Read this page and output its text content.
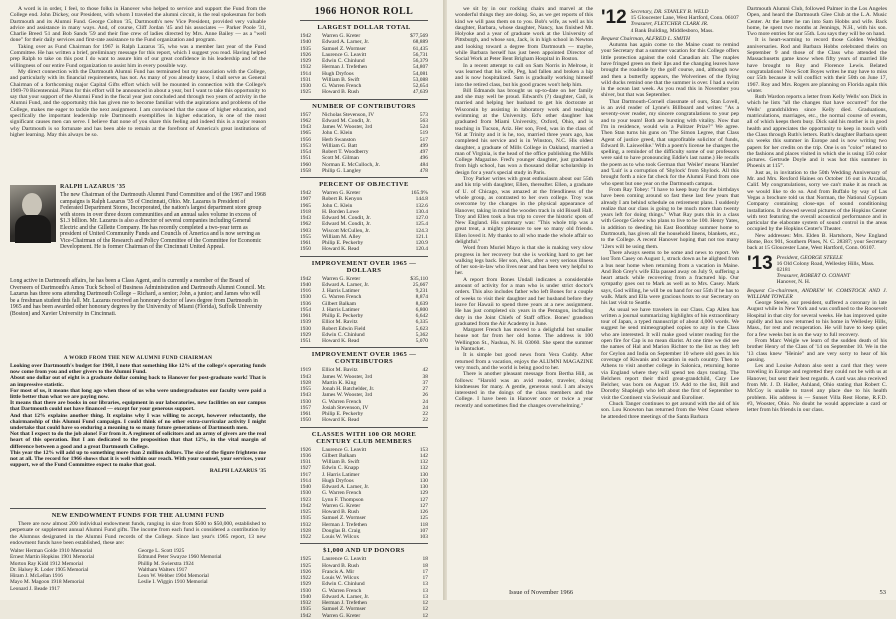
A word is in order, I feel, to those folks in Hanover who helped to service and support the Fund from the College end. John Dickey, our President, with whom I traveled the alumni circuit, is the real spokesman for both Dartmouth and its Alumni Fund. George Colton '35, Dartmouth's new Vice President, provided very valuable advice and assistance in many ways. And, of course, Cliff Jordan '45 and his associates — Parker Poole '31, Charlie Breed '51 and Bob Sands '59 and their fine crew of ladies directed by Mrs. Anne Bailey — as a "well done" for their daily services and first-rate assistance to the Fund organization and program.

Taking over as Fund Chairman for 1967 is Ralph Lazarus '35, who was a member last year of the Fund Committee. He has written a brief, preliminary message for this report, which I suggest you read. Having helped prep Ralph to take on this post I do want to assure him of our great confidence in his leadership and of the willingness of our entire Fund organization to assist him in every possible way.

My direct connection with the Dartmouth Alumni Fund has terminated but my association with the College, and particularly with its financial requirements, has not. As many of you already know, I shall serve as General Chairman of a forthcoming major Capital Gifts effort which will be mounted in connection with the College's 1969-70 Bicentennial. Plans for this effort will be announced in about a year, but I want to take this opportunity to say that your support of the Alumni Fund in the fiscal year just concluded and through two years of activity in the Alumni Fund, and the opportunity this has given me to become familiar with the aspirations and problems of the College, makes me eager to tackle the next assignment. I am convinced that the cause of higher education, and specifically the important leadership role Dartmouth exemplifies in higher education, is one of the most significant causes men can serve. I believe that none of you share this feeling and indeed this is a major reason why Dartmouth is so fortunate and has been able to remain at the forefront of America's great institutions of higher learning. May this always be so.

RALPH LAZARUS '35

The new Chairman of the Dartmouth Alumni Fund Committee and of the 1967 and 1968 campaigns is Ralph Lazarus '35 of Cincinnati, Ohio. Mr. Lazarus is President of Federated Department Stores, Incorporated, the nation's largest department store group with stores in over three dozen communities and an annual sales volume in excess of $1.3 billion. Mr. Lazarus is also a director of several companies including General Electric and the Gillette Company. He has recently completed a two-year term as president of United Community Funds and Councils of America and is now serving as Vice-Chairman of the Research and Policy Committee of the Committee for Economic Development. He is former Chairman of the Cincinnati United Appeal.

Long active in Dartmouth affairs, he has been a Class Agent, and is currently a member of the Board of Overseers of Dartmouth's Amos Tuck School of Business Administration and Dartmouth Alumni Council. Mr. Lazarus has three sons attending Dartmouth College – Richard, a senior; John, a junior; and James who will be a freshman student this fall. Mr. Lazarus received an honorary doctor of laws degree from Dartmouth in 1965 and has been awarded other honorary degrees by the University of Miami (Florida), Suffolk University (Boston) and Xavier University in Cincinnati.

A WORD FROM THE NEW ALUMNI FUND CHAIRMAN

Looking over Dartmouth's budget for 1968, I note that something like 12% of the college's operating funds now come from you and other givers to the Alumni Fund.

About one dollar out of eight is a graduate dollar coming back to Hanover for post-graduate work! That is an impressive statistic.

For most of us, it means that long ago when those of us who were undergraduates our faculty were paid a little better than what we are paying now.

It means that there are books in our libraries, equipment in our laboratories, new facilities on our campus that Dartmouth could not have financed — except for your generous support.

And that 12% explains another thing. It explains why I was willing to accept, however reluctantly, the chairmanship of this Alumni Fund campaign. I could think of no other extra-curricular activity I might undertake that could have so enduring a meaning to so many future generations of Dartmouth men.

Not that I expect to do the job alone! Far from it. A regiment of solicitors and an army of givers are the real heart of this operation. But I am dedicated to the proposition that that 12%, in the vital margin of difference between a good and a great Dartmouth College.

This year the 12% will add up to something more than 2 million dollars. The size of the figure frightens me not at all. The record for 1966 shows that it is well within our reach. With your counsel, your services, your support, we of the Fund Committee expect to make that goal.

RALPH LAZARUS '35

NEW ENDOWMENT FUNDS FOR THE ALUMNI FUND

There are now almost 200 individual endowment funds, ranging in size from $500 to $50,000, established to perpetuate or supplement annual Alumni Fund gifts. The income from each fund is considered a contribution by the Alumnus designated in the Alumni Fund records of the College. Since last year's 1965 report, 13 new endowment funds have been established, these are:

Walter Herman Golde 1910 Memorial	George L. Scott 1925
Ernest Martin Hopkins 1901 Memorial	Edmund Peter Swayze 1960 Memorial
Morton Ray Kidd 1912 Memorial	Phillip M. Swierstra 1924
Dr. Halsey R. Loder 1905 Memorial	Waltham Walters 1917
Hiram J. McLellan 1916	Leon W. Webber 1904 Memorial
Mayo M. Magoon 1918 Memorial	Leslie I. Wiggin 1910 Memorial
Leonard J. Beade 1917

1966 HONOR ROLL

LARGEST DOLLAR TOTAL

1942	Warren G. Kreter	$77,569
1940	Edward A. Larner, Jr.	68,889
1935	Samuel Z. Wormser	61,435
1926	Laurence G. Leavitt	56,731
1929	Edwin C. Chinlund	56,379
1932	Herman J. Trefethen	54,807
1914	Hugh Dryfoos	54,081
1931	William B. Swift	53,088
1930	G. Warren French	52,654
1925	Howard B. Rush	47,639

NUMBER OF CONTRIBUTORS

1957	Nicholas Stevenson, IV	573
1962	Edward M. Condit, Jr.	563
1943	James W. Wooster, 3rd	524
1965	John C. Klein	519
1956	Herb Swanston	517
1953	William G. Batt	499
1954	Robert T. Woodberry	497
1951	Scott M. Gilman	496
1960	Norman E. McCulloch, Jr.	484
1958	Philip G. Langley	478

PERCENT OF OBJECTIVE

1942	Warren G. Kreter	165.9%
1907	Robert B. Kenyon	144.8
1965	John C. Klein	132.6
1918	H. Borden Lowe	130.4
1943	Edward M. Condit, Jr.	127.0
1962	Edward M. Condit, Jr.	125.4
1903	Wiscott McCullen, Jr.	124.3
1955	William M. Alley	121.1
1961	Philip E. Peckerby	120.9
1950	Howard K. Read	120.4

IMPROVEMENT OVER 1965 — DOLLARS

1942	Warren G. Kreter	$35,110
1940	Edward A. Larner, Jr.	25,667
1916	J. Harris Latimer	9,231
1930	G. Warren French	8,874
1936	Gilbert Balkam	8,639
1954	J. Harris Latimer	6,800
1961	Philip E. Peckerby	6,642
1939	Elliot M. Ravitz	6,335
1930	Robert Edwin Field	5,623
1929	Edwin C. Chinlund	5,362
1951	Howard K. Read	5,070

IMPROVEMENT OVER 1965 — CONTRIBUTORS

1919	Elliot M. Bavitz	42
1943	James W. Wooster, 3rd	38
1928	Martin K. King	37
1955	Jonah H. Batchelder, Jr.	27
1943	James W. Wooster, 3rd	26
1930	G. Warren French	24
1957	Josiah Stevenson, IV	24
1961	Philip E. Peckerby	22
1950	Howard K. Read	22

CLASSES WITH 100 OR MORE CENTURY CLUB MEMBERS

1926	Laurence G. Leavitt	153
1936	Gilbert Balkam	142
1931	William B. Swift	132
1927	Edwin C. Knapp	132
1917	J. Harris Latimer	130
1914	Hugh Dryfoos	130
1940	Edward A. Larner, Jr.	130
1930	G. Warren French	129
1923	Lynn F. Thompson	127
1942	Warren G. Kreter	127
1925	Howard B. Rush	126
1935	Samuel Z. Wormser	125
1932	Herman J. Trefethen	118
1928	Douglas B. Craig	107
1922	Louis W. Wilcox	103

$1,000 AND UP DONORS

1925	Laurence G. Leavitt	18
1925	Howard B. Rush	18
1926	Francis A. Mir	17
1922	Louis W. Wilcox	17
1929	Edwin C. Chinlund	13
1930	G. Warren French	13
1940	Edward A. Larner, Jr.	13
1932	Herman J. Trefethen	12
1935	Samuel Z. Wormser	12
1942	Warren G. Kreter	12

we sit by in our rocking chairs and marvel at the wonderful things they are doing. So, as we get reports of this kind we will pass them on to you. Bob's wife, as well as his daughter, Barbara, whose daughter, Nancy, has finished Mt. Holyoke and a year of graduate work at the University of Pittsburgh, and whose son, Jack, is in high school in Newton and looking toward a degree from Dartmouth — maybe, while Barbara herself has just been appointed Director of Social Work at Peter Bent Brigham Hospital in Boston.

In a recent attempt to call on Sam Norris in Melrose, it was learned that his wife, Peg, had fallen and broken a hip and is now hospitalized. Sam is gradually working himself into the retired class, but his good graces won't help him.

Bill Edmands has brought us up-to-date on her family and she may well be proud. Edward's (?) daughter, Gail, is married and helping her husband to get his doctorate at Wisconsin by assisting in laboratory work and teaching swimming at the University. Ed's other daughter has graduated from Miami University, Oxford, Ohio, and is teaching in Tucson, Ariz. Her son, Fred, was in the class of '64 at Trinity and it is he, too, married three years ago, has completed his service and is in Winston, N.C. His oldest daughter, a graduate of Mills College in Oakland, married a man of Virginia, is the head of the office publishing the Mills College Magazine. Fred's younger daughter, just graduated from high school, has won a thousand dollar scholarship in design for a year's special study in Paris.

Troy Parker writes with great enthusiasm about our 55th and his trip with daughter, Ellen, thereafter. Ellen, a graduate of U. of Chicago, was amazed at the friendliness of the whole group, as contrasted to her own college. Troy was overcome by the changes in the physical appearance of Hanover, taking in mind the wooden track in old Bissell Hall. Troy and Ellen took a bus trip to cover the historic spots of New England. His summary was: "This whole trip was a great treat, a mighty pleasure to see so many old friends. Ellen loved it. My thanks to all who made the whole affair so delightful."

Word from Muriel Mayo is that she is making very slow progress in her recovery but she is working hard to get her walking legs back. Her son, Alex, after a very serious illness of her son-in-law who lives near and has been very helpful to her.

A report from Bones Undall indicates a considerable amount of activity for a man who is under strict doctor's orders. This also includes father who left Bones for a couple of weeks to visit their daughter and her husband before they leave for Hawaii to spend three years at a new assignment. He has just completed six years in the Pentagon, including duty in the Joint Chiefs of Staff office. Bones' grandson graduated from the Air Academy in June.

Margaret French has moved to a delightful but smaller house not far from her old home. The address is 100 Wellington St., Nashua, N. H. 03060. She spent the summer in Nantucket.

It is simple but good news from Vera Cuddy. After returned from a vacation, enjoys the ALUMNI MAGAZINE very much, and the world is being good to her.

There is another pleasant message from Bertha Hill, as follows: "Harold was an avid reader, traveler, doing kindnesses for many. A gentle, generous soul. I am always interested in the doings of the class members and the College. I have been in Hanover once or twice a year recently and sometimes find the changes overwhelming."

Issue of November 1966
'12 Secretary, DR. STANLEY B. WELD
15 Gloucester Lane, West Hartford, Conn. 06107
Treasurer, FLETCHER CLARK JR.
4 Bank Building, Middlesboro, Mass.

Bequest Chairman, ALFRED L. SMITH

Autumn has again come to the Maine coast to remind your Secretary that a summer vacation for this College offers little protection against the cold Canadian air. The maples have fringed green on their lips and the changing leaves have brought the roadside by the golf course, and, although now and then a butterfly appears, the Wolverines of the flying wild ducks remind one that the summer is over. I had a swim in the ocean last week. As you read this in November you shiver, but that was September.

That Dartmouth-Cornell classmate of ours, Stan Lovell, is an avid reader of Lynne's Billboard and writes: "As a seventy-over reader, my sincere congratulations to your pep and to your team! Both are bursting with vitality. Now that I'm in residence, would win a Pulitzer Prize?" We agree. Then Stan turns his guns on 'The Simon Legree, that Class Agent of justice greed, that unprofitable solicitor of funds, Edward B. Laiswelike.' With a poem's license he changes the spelling, a reminder of the difficulty some of our professors were said to have pronouncing Eddie's last name.) He recalls the poem as to who took German that 'Weiler' means 'Hamlet' and 'Luit' is a corruption of 'Shylock' from Shylock. All this brought forth a nice fat check for the Alumni Fund from one who spent but one year on the Dartmouth campus.

From Ray Tobey: "I have to keep busy for the birthdays have been coming around so fast these last few years that already I am behind schedule on retirement plans. I suddenly realize that our class is going to be much more than twenty years left for doing things." What Ray puts this in a class with George Gelow who plans to live to be 100. Henry Yates, in addition to deeding his East Boothbay summer home to Dartmouth, has given all the household linens, blankets, etc., to the College. A recent Hanover hoping that not too many '12ers will be using them.

There always seems to be some and news to report. We lost Tom Casey on August 1, struck down as he alighted from a bus near home when returning from a vacation in Maine. And Bob Grey's wife Ella passed away on July 9, suffering a heart attack while recovering from a fractured hip. Our sympathy goes out to Mark as well as to Mrs. Casey. Mark says, God willing, he will be on hand for our 55th if he has to walk. Mark and Ella were gracious hosts to our Secretary on his last visit to Seattle.

As usual we have travelers in our Class. Cap Allen has written a journal summarizing highlights of his extraordinary tour of Japan, a typed manuscript of about 4,000 words. We suggest he send mimeographed copies to any in the Class who are interested. It will make good winter reading for the open fire for Cap is no mean diarist. At one time we did see the names of Hal and Marion Richter to the list as they left for Ceylon and India on September 10 where old goes in his coverage of Kiwanis and vacation in each country. Then to Athens to visit another college in Salonica, returning home via England where they will spend ten days touring. The Belchers report their third great-grandchild, Cary Lee Belcher, was born on August 19. Add to the list, Bill and Dorothy Shapleigh who left about the first of September to visit the Continent via Swissair and Euroliner.

Chuck Tanger continues to get around with the aid of his son. Lou Knowton has returned from the West Coast where he attended three meetings of the Santa Barbara

Dartmouth Alumni Club, followed Palmer in the Los Angeles Open, and heard the Dartmouth Glee Club at the L.A. Music Center. At the latter he ran into Sam Hobbs and wife. Back home, he spent two months at Jennings, N.H., with his son. Two more entries for our 55th. Lou says they will be on hand.

It is heart-warming to record those Golden Wedding anniversaries. Rod and Barbara Hobbs celebrated theirs on September 9 and those of the Class who attended the Massachusetts game know when fifty years of married life have brought to Roy and Florence Lewis. Belated congratulations! Now Scott Boyes writes he may have to miss our 55th because it will conflict with their 50th on June 17, 1967. Roy and Mrs. Rogers are planning on Florida again this winter.

Ruth Wardon reports a letter from Kelly Wells' son Dick in which he lists "all the changes that have occurred" for the Wells' grandchildren since Kelly died. Graduations, matriculations, marriages, etc., the normal course of events, all of which keeps them busy. Dick said his mother is in good health and appreciates the opportunity to keep in touch with the Class through Ruth's letters. Ruth's daughter Barbara spent six weeks this summer in Europe and is now writing two papers for her credits on the trip. One is on "color" related to the fashions and places visited in which she is using 150 color pictures. Gertrude Doyle and it was hot this summer in Phoenix at 115°.

Just as, in invitation to the 50th Wedding Anniversary of Mr. and Mrs. Rexford Haines on October 16 out in Arcadia, Calif. My congratulations, sorry we can't make it as much as we would like to do so. And from Buffalo by way of Las Vegas a brochure told us that Norman, the National Gypsum Company containing close-ups of sound conditioning installations. It showed several pictures of the Hopkins Center with text featuring the overall acoustical performance and in particular the elaborate system of sound control in the areas occupied by the Hopkins Center's Theater.

New addresses: Mrs. Elden B. Hartshorn, New England Home, Box 901, Southern Pines, N. C. 28387; your Secretary back at 15 Gloucester Lane, West Hartford, Conn. 06107.

'13 President, GEORGE STEELE
16 Old Colony Road, Wellesley Hills, Mass. 02181
Treasurer, ROBERT O. CONANT
Hanover, N. H.

Bequest Co-chairmen, ANDREW W. COMSTOCK AND J. WILLIAM TOWLER

George Steele, our president, suffered a coronary in late August while in New York and was confined to the Roosevelt Hospital in that city for several weeks. He has improved quite rapidly and has now returned to his home in Wellesley Hills, Mass., for rest and recuperation. He will have to keep quiet for a few weeks but is on the way to full recovery.

From Marc Weigle we learn of the sudden death of his brother Henry of the Class of '14 on September 10. We in the '13 class knew "Heinie" and are very sorry to hear of his passing.

Les and Louise Ashton also sent a card that they were traveling in Europe and regretted they could not be with us at Hanover, but sent their best regards. A card was also received from Mr. J. D. Haller, Ashland, Ohio stating that Robert C. McCoy is unable to travel any place due to his health problem. His address is — Sunset Villa Rest Home, R.F.D. #3, Wooster, Ohio. No doubt he would appreciate a card or letter from his friends in our class.

53
